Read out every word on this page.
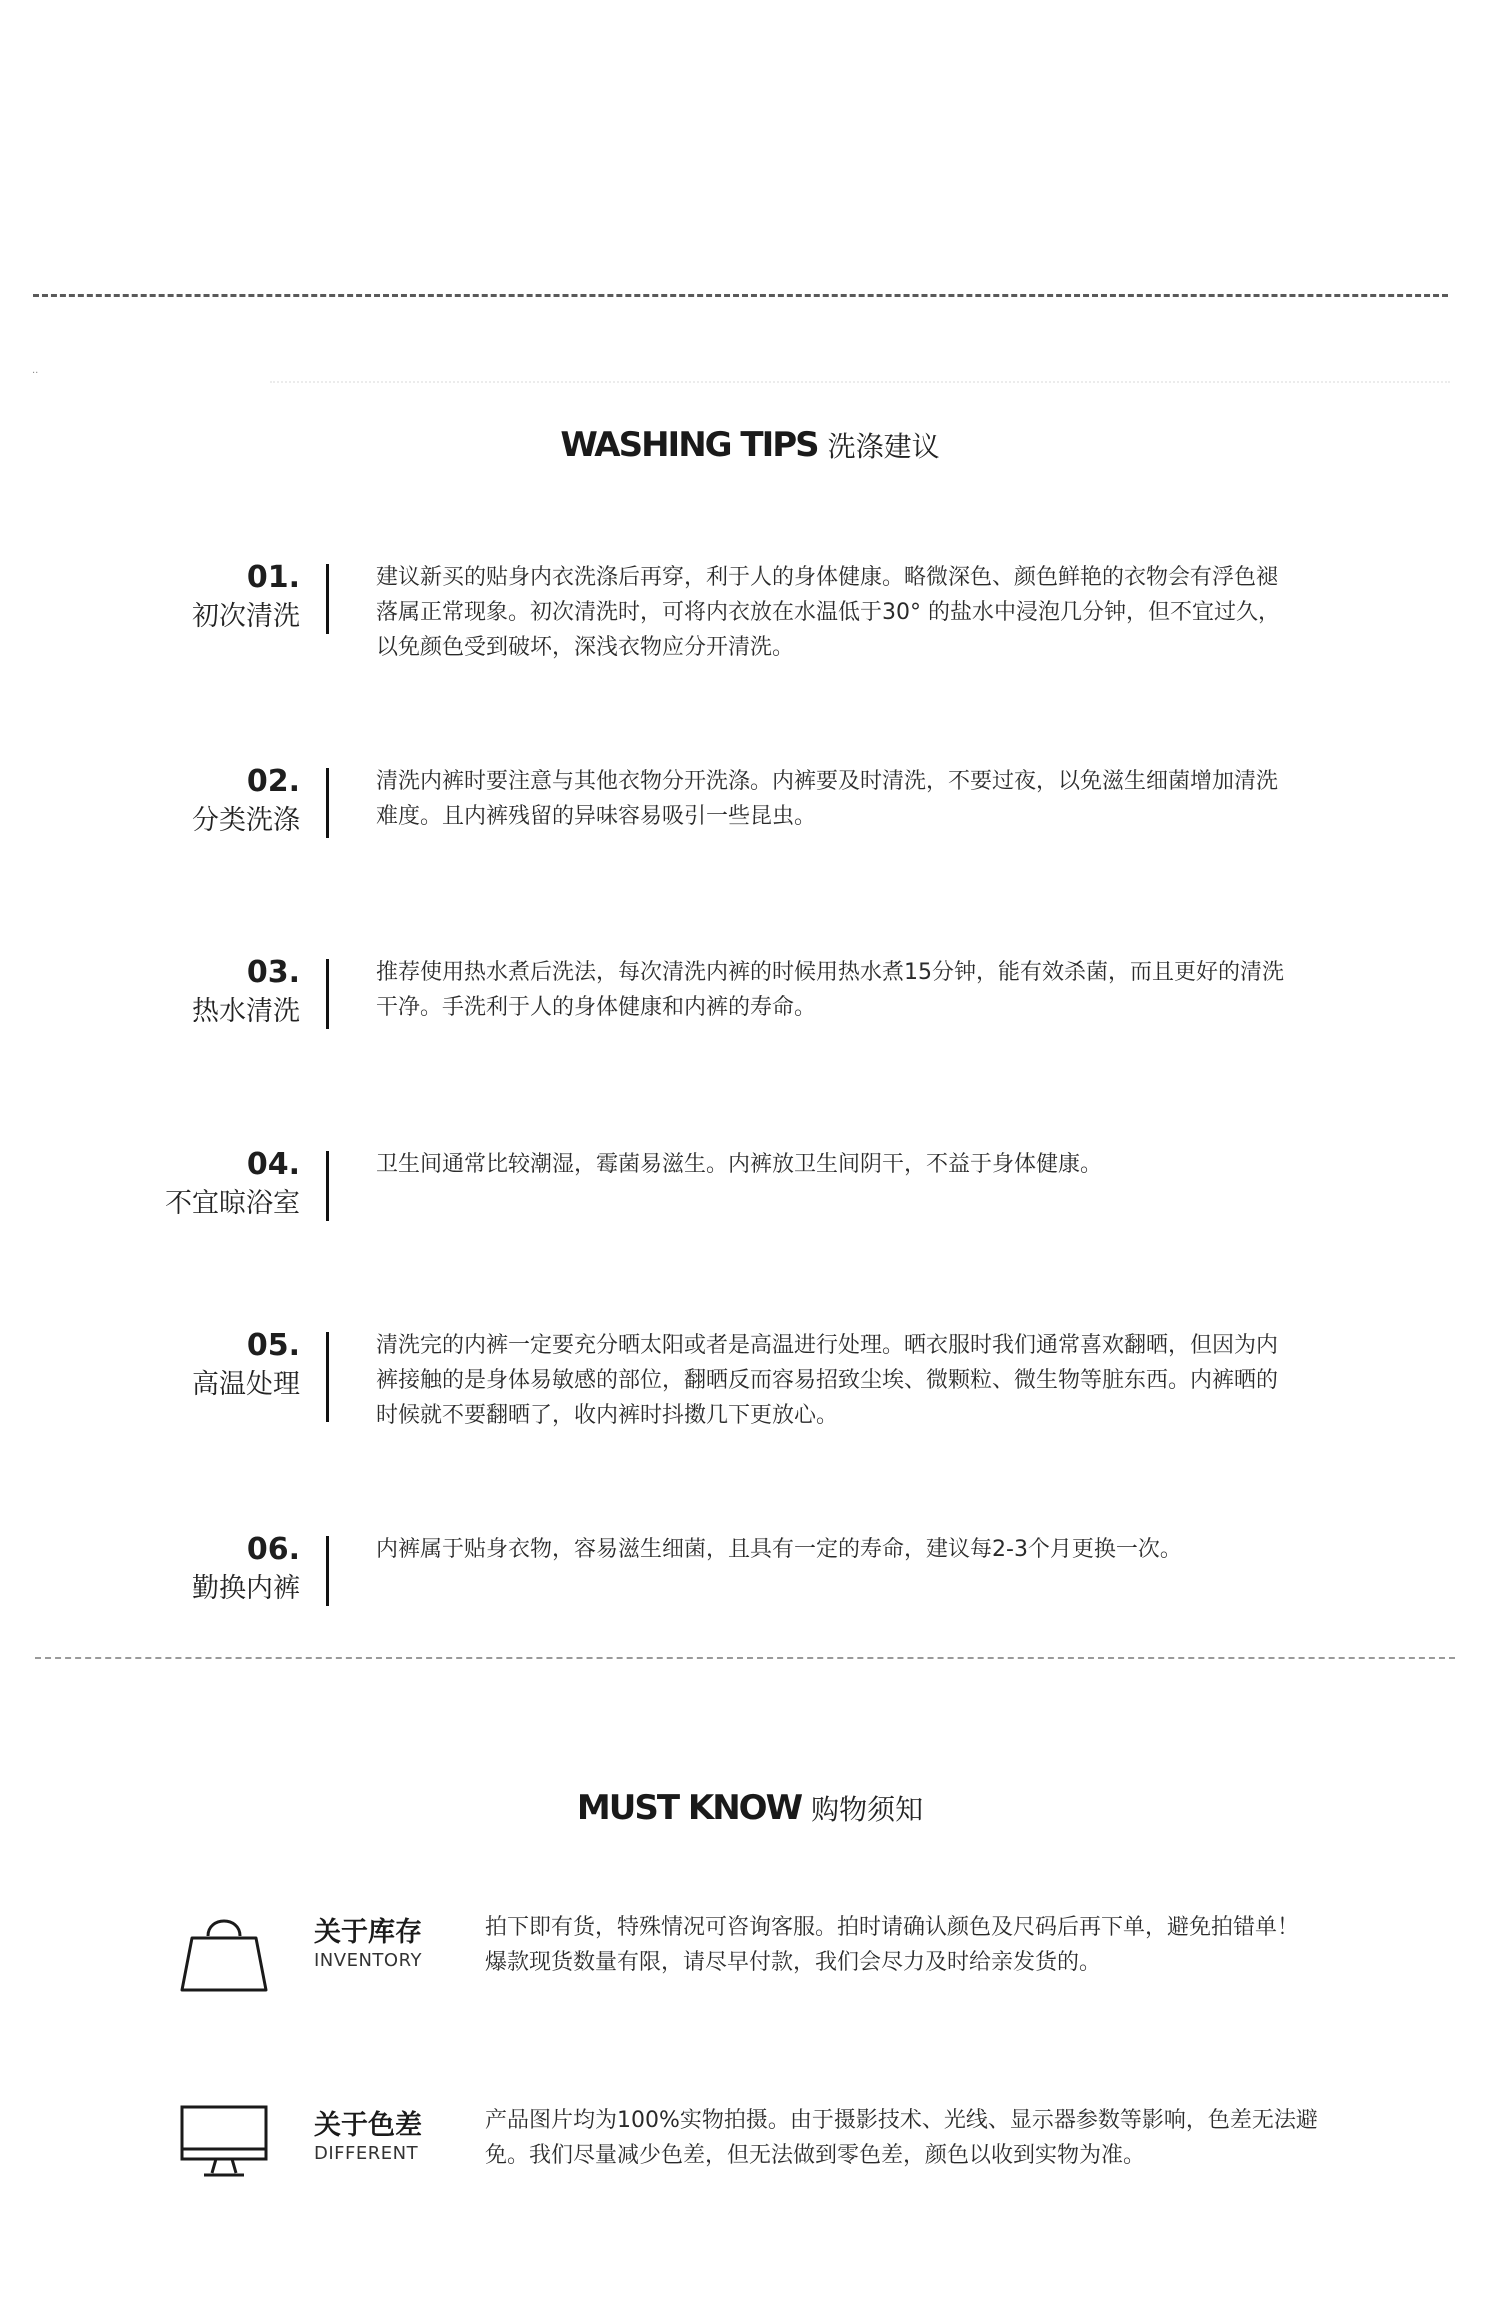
··
WASHING TIPS 洗涤建议
01.
初次清洗
建议新买的贴身内衣洗涤后再穿，利于人的身体健康。略微深色、颜色鲜艳的衣物会有浮色褪
落属正常现象。初次清洗时，可将内衣放在水温低于30° 的盐水中浸泡几分钟，但不宜过久，
以免颜色受到破坏，深浅衣物应分开清洗。
02.
分类洗涤
清洗内裤时要注意与其他衣物分开洗涤。内裤要及时清洗，不要过夜，以免滋生细菌增加清洗
难度。且内裤残留的异味容易吸引一些昆虫。
03.
热水清洗
推荐使用热水煮后洗法，每次清洗内裤的时候用热水煮15分钟，能有效杀菌，而且更好的清洗
干净。手洗利于人的身体健康和内裤的寿命。
04.
不宜晾浴室
卫生间通常比较潮湿，霉菌易滋生。内裤放卫生间阴干，不益于身体健康。
05.
高温处理
清洗完的内裤一定要充分晒太阳或者是高温进行处理。晒衣服时我们通常喜欢翻晒，但因为内
裤接触的是身体易敏感的部位，翻晒反而容易招致尘埃、微颗粒、微生物等脏东西。内裤晒的
时候就不要翻晒了，收内裤时抖擞几下更放心。
06.
勤换内裤
内裤属于贴身衣物，容易滋生细菌，且具有一定的寿命，建议每2-3个月更换一次。
MUST KNOW 购物须知
关于库存
INVENTORY
拍下即有货，特殊情况可咨询客服。拍时请确认颜色及尺码后再下单，避免拍错单！
爆款现货数量有限，请尽早付款，我们会尽力及时给亲发货的。
关于色差
DIFFERENT
产品图片均为100%实物拍摄。由于摄影技术、光线、显示器参数等影响，色差无法避
免。我们尽量减少色差，但无法做到零色差，颜色以收到实物为准。
